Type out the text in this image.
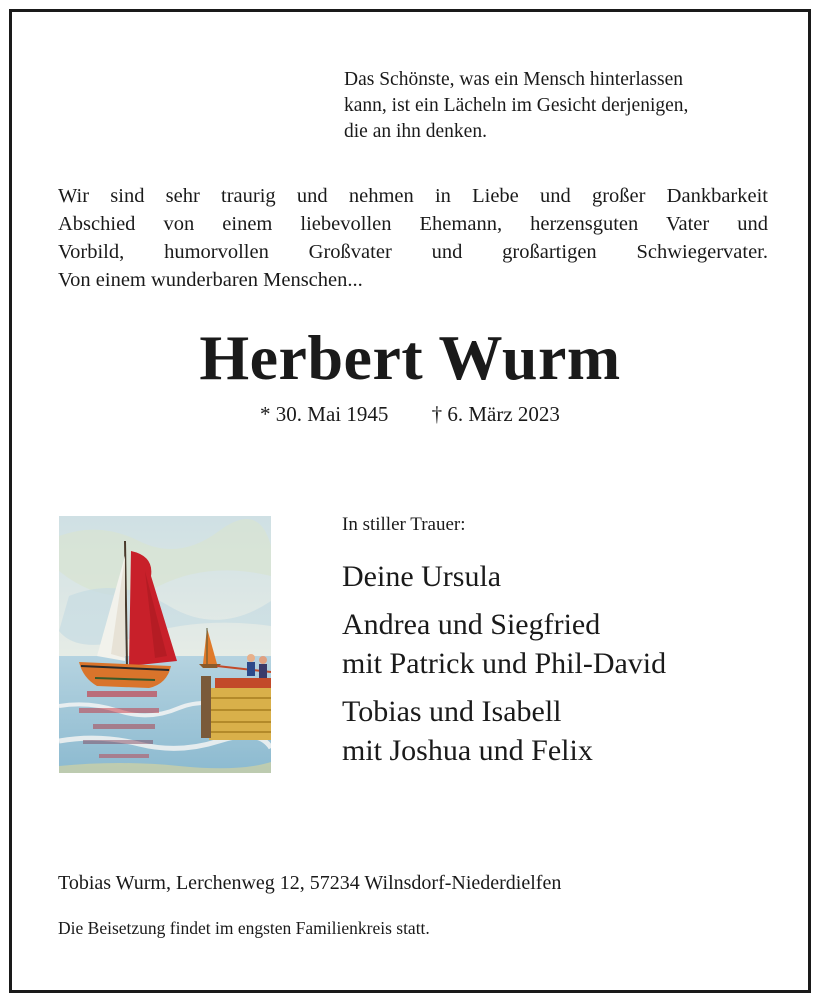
Das Schönste, was ein Mensch hinterlassen
kann, ist ein Lächeln im Gesicht derjenigen,
die an ihn denken.
Wir sind sehr traurig und nehmen in Liebe und großer Dankbarkeit
Abschied von einem liebevollen Ehemann, herzensguten Vater und
Vorbild, humorvollen Großvater und großartigen Schwiegervater.
Von einem wunderbaren Menschen...
Herbert Wurm
* 30. Mai 1945 † 6. März 2023
In stiller Trauer:
Deine Ursula
Andrea und Siegfried
mit Patrick und Phil-David
Tobias und Isabell
mit Joshua und Felix
Tobias Wurm, Lerchenweg 12, 57234 Wilnsdorf-Niederdielfen
Die Beisetzung findet im engsten Familienkreis statt.
